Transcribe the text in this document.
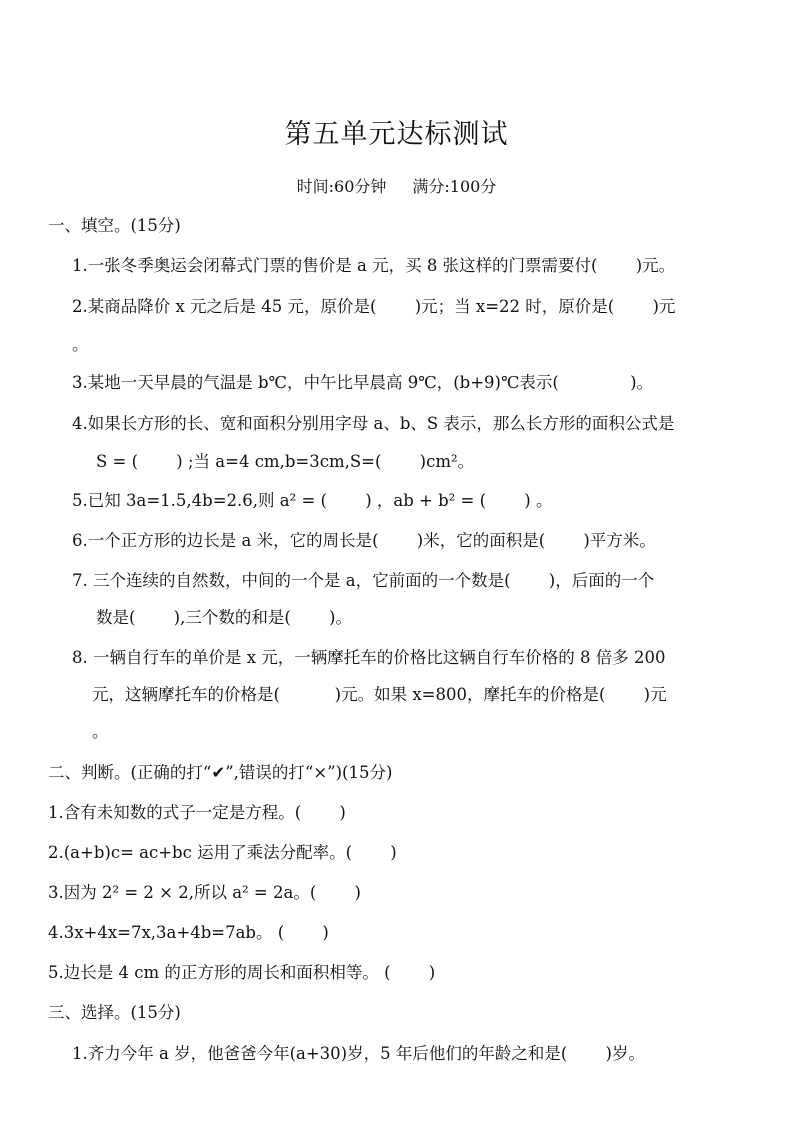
第五单元达标测试
时间:60分钟 满分:100分
一、填空。(15分)
1.一张冬季奥运会闭幕式门票的售价是 a 元，买 8 张这样的门票需要付(　　 )元。
2.某商品降价 x 元之后是 45 元，原价是(　　 )元；当 x=22 时，原价是(　　 )元
。
3.某地一天早晨的气温是 b℃，中午比早晨高 9℃，(b+9)℃表示(　　　　 )。
4.如果长方形的长、宽和面积分别用字母 a、b、S 表示，那么长方形的面积公式是
S = (　　 ) ;当 a=4 cm,b=3cm,S=(　　 )cm²。
5.已知 3a=1.5,4b=2.6,则 a² = (　　 ) ，ab + b² = (　　 ) 。
6.一个正方形的边长是 a 米，它的周长是(　　 )米，它的面积是(　　 )平方米。
7. 三个连续的自然数，中间的一个是 a，它前面的一个数是(　　 )，后面的一个
数是(　　 ),三个数的和是(　　 )。
8. 一辆自行车的单价是 x 元，一辆摩托车的价格比这辆自行车价格的 8 倍多 200
元，这辆摩托车的价格是(　　　 )元。如果 x=800，摩托车的价格是(　　 )元
。
二、判断。(正确的打“✔”,错误的打“×”)(15分)
1.含有未知数的式子一定是方程。(　　 )
2.(a+b)c= ac+bc 运用了乘法分配率。(　　 )
3.因为 2² = 2 × 2,所以 a² = 2a。(　　 )
4.3x+4x=7x,3a+4b=7ab。 (　　 )
5.边长是 4 cm 的正方形的周长和面积相等。 (　　 )
三、选择。(15分)
1.齐力今年 a 岁，他爸爸今年(a+30)岁，5 年后他们的年龄之和是(　　 )岁。
